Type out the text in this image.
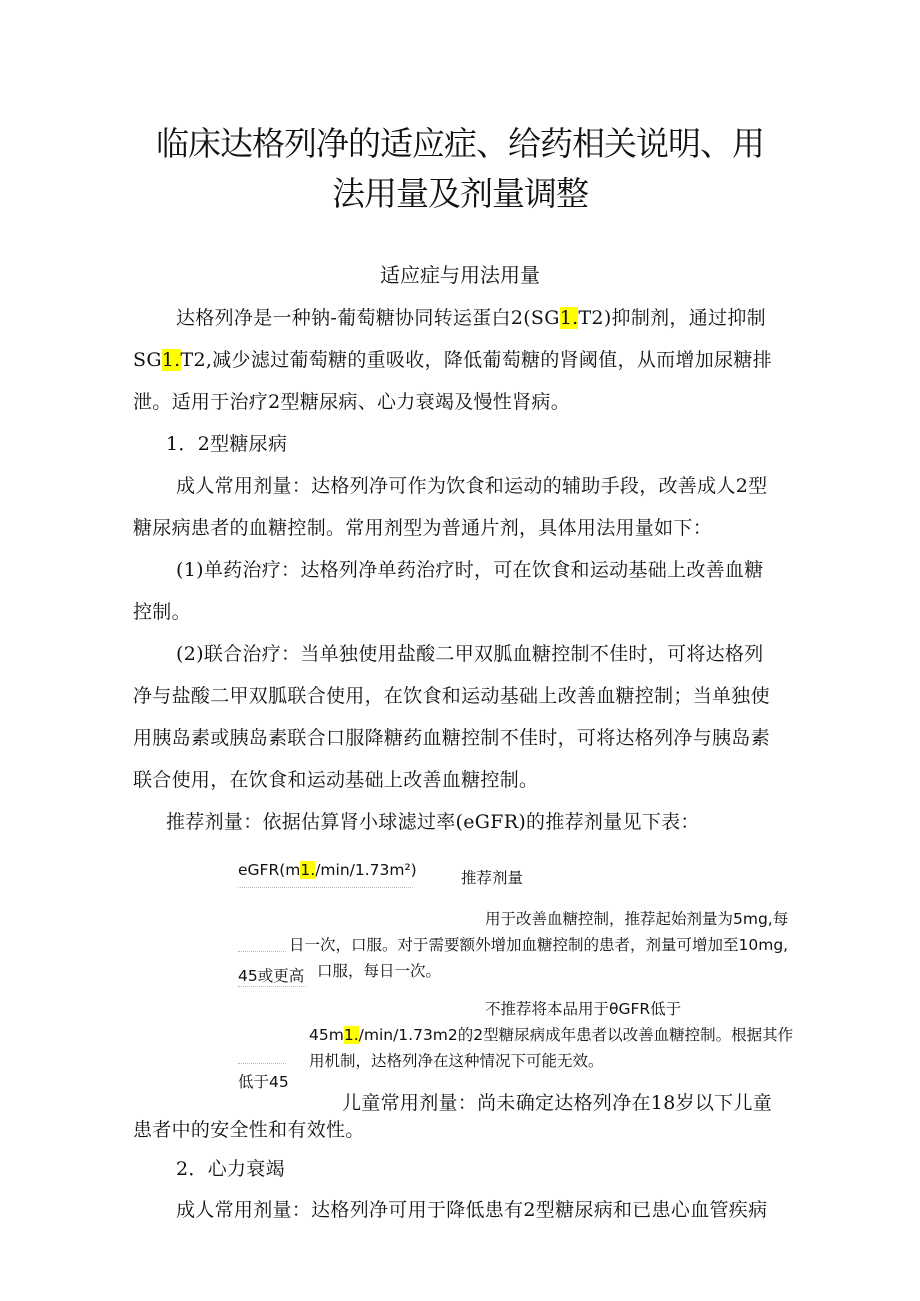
临床达格列净的适应症、给药相关说明、用
法用量及剂量调整
适应症与用法用量
达格列净是一种钠-葡萄糖协同转运蛋白2(SG1.T2)抑制剂，通过抑制
SG1.T2,减少滤过葡萄糖的重吸收，降低葡萄糖的肾阈值，从而增加尿糖排
泄。适用于治疗2型糖尿病、心力衰竭及慢性肾病。
1．2型糖尿病
成人常用剂量：达格列净可作为饮食和运动的辅助手段，改善成人2型
糖尿病患者的血糖控制。常用剂型为普通片剂，具体用法用量如下：
(1)单药治疗：达格列净单药治疗时，可在饮食和运动基础上改善血糖
控制。
(2)联合治疗：当单独使用盐酸二甲双胍血糖控制不佳时，可将达格列
净与盐酸二甲双胍联合使用，在饮食和运动基础上改善血糖控制；当单独使
用胰岛素或胰岛素联合口服降糖药血糖控制不佳时，可将达格列净与胰岛素
联合使用，在饮食和运动基础上改善血糖控制。
推荐剂量：依据估算肾小球滤过率(eGFR)的推荐剂量见下表：
eGFR(m1./min/1.73m²)	推荐剂量
用于改善血糖控制，推荐起始剂量为5mg,每
日一次，口服。对于需要额外增加血糖控制的患者，剂量可增加至10mg,
口服，每日一次。
45或更高
不推荐将本品用于θGFR低于
45m1./min/1.73m2的2型糖尿病成年患者以改善血糖控制。根据其作
用机制，达格列净在这种情况下可能无效。
低于45
儿童常用剂量：尚未确定达格列净在18岁以下儿童
患者中的安全性和有效性。
2．心力衰竭
成人常用剂量：达格列净可用于降低患有2型糖尿病和已患心血管疾病
